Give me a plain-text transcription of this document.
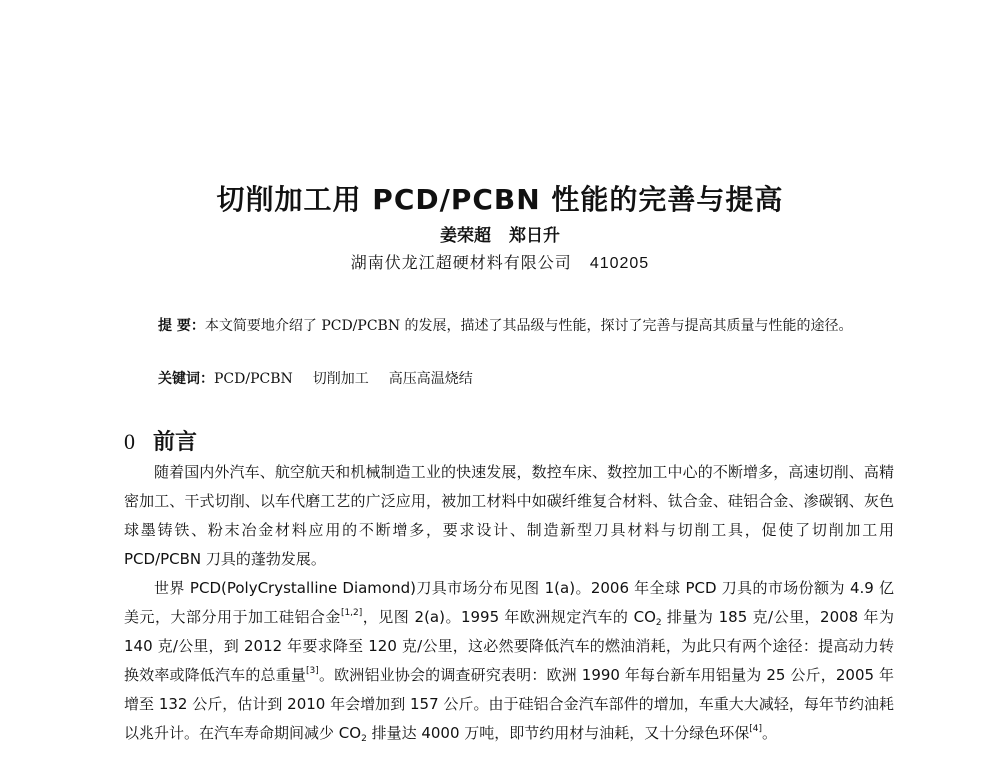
切削加工用 PCD/PCBN 性能的完善与提高
姜荣超 郑日升
湖南伏龙江超硬材料有限公司 410205
提 要：本文简要地介绍了 PCD/PCBN 的发展，描述了其品级与性能，探讨了完善与提高其质量与性能的途径。
关键词：PCD/PCBN 切削加工 高压高温烧结
0 前言

随着国内外汽车、航空航天和机械制造工业的快速发展，数控车床、数控加工中心的不断增多，高速切削、高精密加工、干式切削、以车代磨工艺的广泛应用，被加工材料中如碳纤维复合材料、钛合金、硅铝合金、渗碳钢、灰色球墨铸铁、粉末冶金材料应用的不断增多，要求设计、制造新型刀具材料与切削工具，促使了切削加工用 PCD/PCBN 刀具的蓬勃发展。

世界 PCD(PolyCrystalline Diamond)刀具市场分布见图 1(a)。2006 年全球 PCD 刀具的市场份额为 4.9 亿美元，大部分用于加工硅铝合金[1,2]，见图 2(a)。1995 年欧洲规定汽车的 $CO_2$ 排量为 185 克/公里，2008 年为 140 克/公里，到 2012 年要求降至 120 克/公里，这必然要降低汽车的燃油消耗，为此只有两个途径：提高动力转换效率或降低汽车的总重量[3]。欧洲铝业协会的调查研究表明：欧洲 1990 年每台新车用铝量为 25 公斤，2005 年增至 132 公斤，估计到 2010 年会增加到 157 公斤。由于硅铝合金汽车部件的增加，车重大大减轻，每年节约油耗以兆升计。在汽车寿命期间减少 $CO_2$ 排量达 4000 万吨，即节约用材与油耗，又十分绿色环保[4]。
